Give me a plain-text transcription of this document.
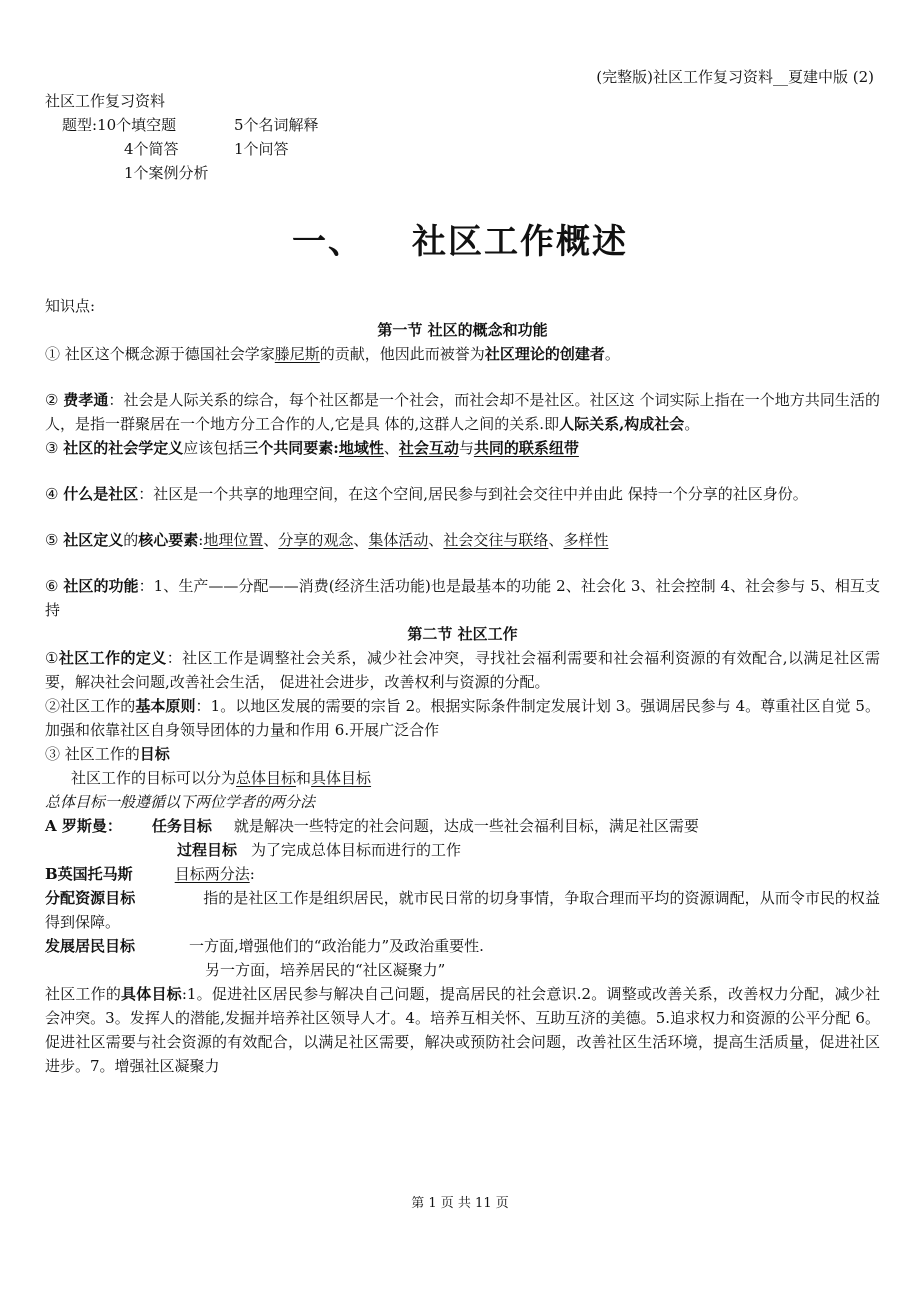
(完整版)社区工作复习资料__夏建中版 (2)
社区工作复习资料
题型:10个填空题	5个名词解释
4个简答	1个问答
1个案例分析
一、 社区工作概述

知识点:

第一节 社区的概念和功能

① 社区这个概念源于德国社会学家滕尼斯的贡献，他因此而被誉为社区理论的创建者。

② 费孝通：社会是人际关系的综合，每个社区都是一个社会，而社会却不是社区。社区这 个词实际上指在一个地方共同生活的人，是指一群聚居在一个地方分工合作的人,它是具 体的,这群人之间的关系.即人际关系,构成社会。

③ 社区的社会学定义应该包括三个共同要素:地域性、社会互动与共同的联系纽带

④ 什么是社区：社区是一个共享的地理空间，在这个空间,居民参与到社会交往中并由此 保持一个分享的社区身份。

⑤ 社区定义的核心要素:地理位置、分享的观念、集体活动、社会交往与联络、多样性

⑥ 社区的功能：1、生产——分配——消费(经济生活功能)也是最基本的功能 2、社会化 3、社会控制 4、社会参与 5、相互支持

第二节 社区工作

①社区工作的定义：社区工作是调整社会关系，减少社会冲突，寻找社会福利需要和社会福利资源的有效配合,以满足社区需要，解决社会问题,改善社会生活， 促进社会进步，改善权利与资源的分配。

②社区工作的基本原则：1。以地区发展的需要的宗旨 2。根据实际条件制定发展计划 3。强调居民参与 4。尊重社区自觉 5。加强和依靠社区自身领导团体的力量和作用 6.开展广泛合作

③ 社区工作的目标

社区工作的目标可以分为总体目标和具体目标

总体目标一般遵循以下两位学者的两分法

A 罗斯曼： 任务目标 就是解决一些特定的社会问题，达成一些社会福利目标，满足社区需要

过程目标 为了完成总体目标而进行的工作

B英国托马斯	目标两分法:

分配资源目标	指的是社区工作是组织居民，就市民日常的切身事情，争取合理而平均的资源调配，从而令市民的权益得到保障。

发展居民目标	一方面,增强他们的“政治能力”及政治重要性.

另一方面，培养居民的“社区凝聚力”

社区工作的具体目标:1。促进社区居民参与解决自己问题，提高居民的社会意识.2。调整或改善关系，改善权力分配，减少社会冲突。3。发挥人的潜能,发掘并培养社区领导人才。4。培养互相关怀、互助互济的美德。5.追求权力和资源的公平分配 6。促进社区需要与社会资源的有效配合，以满足社区需要，解决或预防社会问题，改善社区生活环境，提高生活质量，促进社区进步。7。增强社区凝聚力

第 1 页 共 11 页
